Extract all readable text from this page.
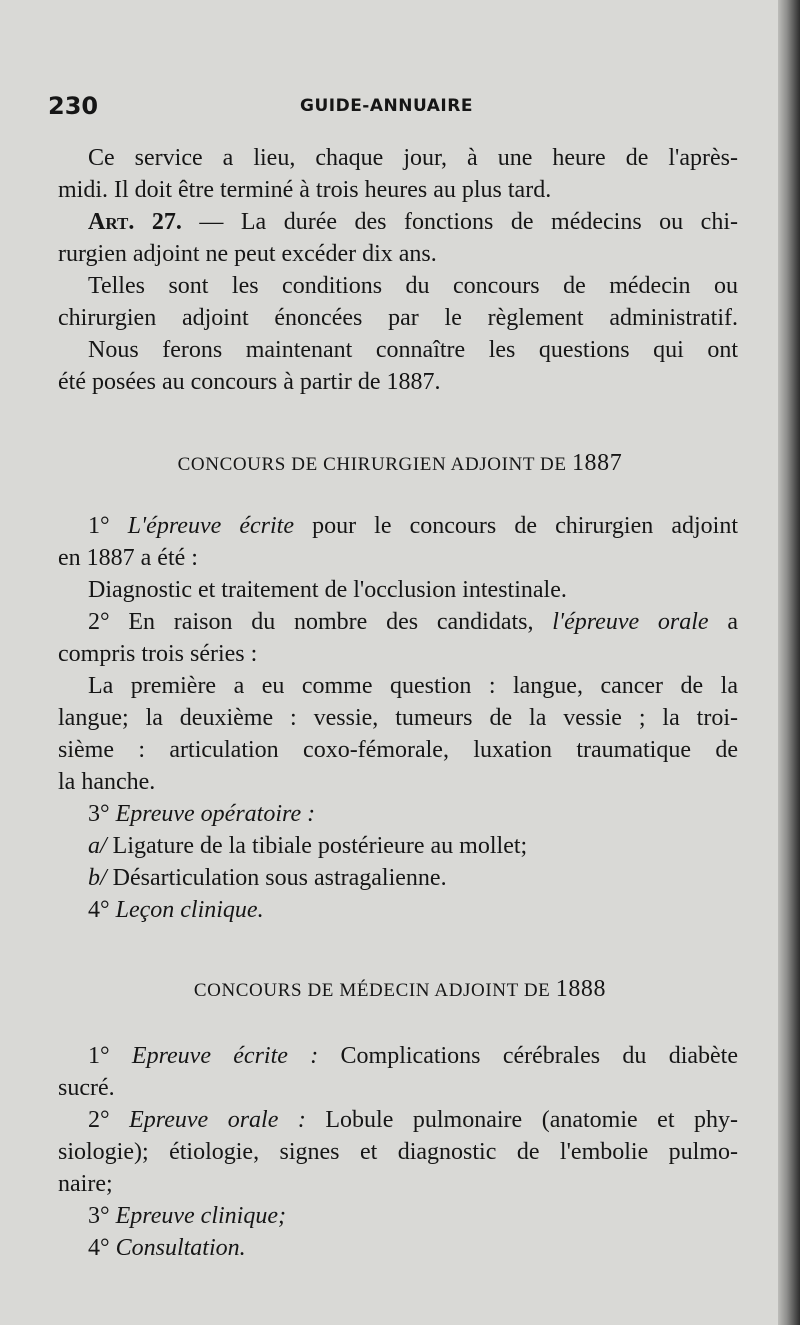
230	GUIDE-ANNUAIRE
Ce service a lieu, chaque jour, à une heure de l'après-
midi. Il doit être terminé à trois heures au plus tard.
Art. 27. — La durée des fonctions de médecins ou chi-
rurgien adjoint ne peut excéder dix ans.
Telles sont les conditions du concours de médecin ou
chirurgien adjoint énoncées par le règlement administratif.
Nous ferons maintenant connaître les questions qui ont
été posées au concours à partir de 1887.
CONCOURS DE CHIRURGIEN ADJOINT DE 1887
1° L'épreuve écrite pour le concours de chirurgien adjoint
en 1887 a été :
Diagnostic et traitement de l'occlusion intestinale.
2° En raison du nombre des candidats, l'épreuve orale a
compris trois séries :
La première a eu comme question : langue, cancer de la
langue; la deuxième : vessie, tumeurs de la vessie ; la troi-
sième : articulation coxo-fémorale, luxation traumatique de
la hanche.
3° Epreuve opératoire :
a/ Ligature de la tibiale postérieure au mollet;
b/ Désarticulation sous astragalienne.
4° Leçon clinique.
CONCOURS DE MÉDECIN ADJOINT DE 1888
1° Epreuve écrite : Complications cérébrales du diabète
sucré.
2° Epreuve orale : Lobule pulmonaire (anatomie et phy-
siologie); étiologie, signes et diagnostic de l'embolie pulmo-
naire;
3° Epreuve clinique;
4° Consultation.
